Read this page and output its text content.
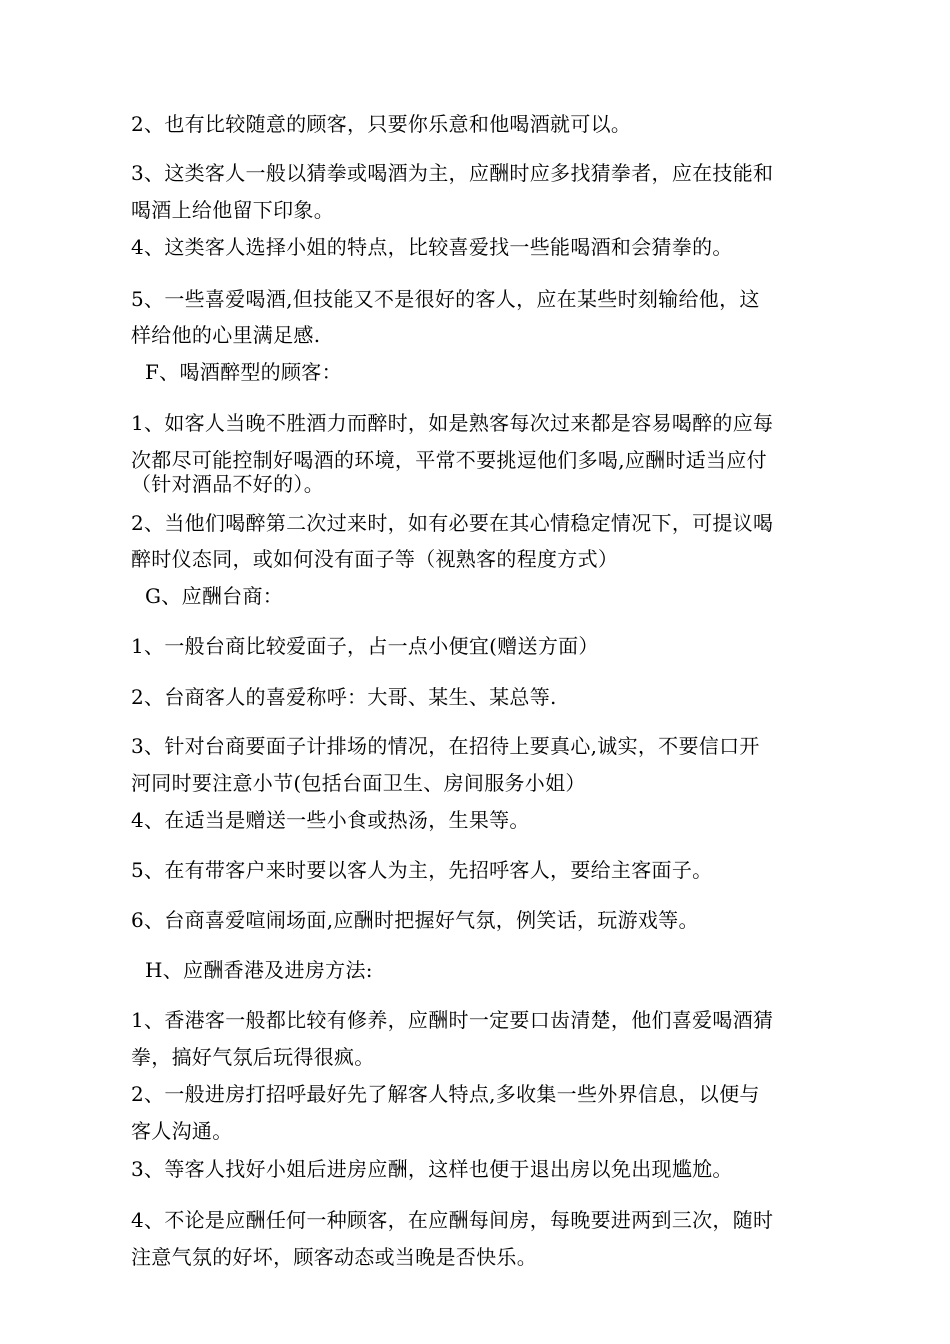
2、也有比较随意的顾客，只要你乐意和他喝酒就可以。
3、这类客人一般以猜拳或喝酒为主，应酬时应多找猜拳者，应在技能和
喝酒上给他留下印象。
4、这类客人选择小姐的特点，比较喜爱找一些能喝酒和会猜拳的。
5、一些喜爱喝酒,但技能又不是很好的客人，应在某些时刻输给他，这
样给他的心里满足感.
F、喝酒醉型的顾客：
1、如客人当晚不胜酒力而醉时，如是熟客每次过来都是容易喝醉的应每
次都尽可能控制好喝酒的环境，平常不要挑逗他们多喝,应酬时适当应付
（针对酒品不好的）。
2、当他们喝醉第二次过来时，如有必要在其心情稳定情况下，可提议喝
醉时仪态同，或如何没有面子等（视熟客的程度方式）
G、应酬台商：
1、一般台商比较爱面子，占一点小便宜(赠送方面）
2、台商客人的喜爱称呼：大哥、某生、某总等.
3、针对台商要面子计排场的情况，在招待上要真心,诚实，不要信口开
河同时要注意小节(包括台面卫生、房间服务小姐）
4、在适当是赠送一些小食或热汤，生果等。
5、在有带客户来时要以客人为主，先招呼客人，要给主客面子。
6、台商喜爱喧闹场面,应酬时把握好气氛，例笑话，玩游戏等。
H、应酬香港及进房方法:
1、香港客一般都比较有修养，应酬时一定要口齿清楚，他们喜爱喝酒猜
拳，搞好气氛后玩得很疯。
2、一般进房打招呼最好先了解客人特点,多收集一些外界信息，以便与
客人沟通。
3、等客人找好小姐后进房应酬，这样也便于退出房以免出现尴尬。
4、不论是应酬任何一种顾客，在应酬每间房，每晚要进两到三次，随时
注意气氛的好坏，顾客动态或当晚是否快乐。
